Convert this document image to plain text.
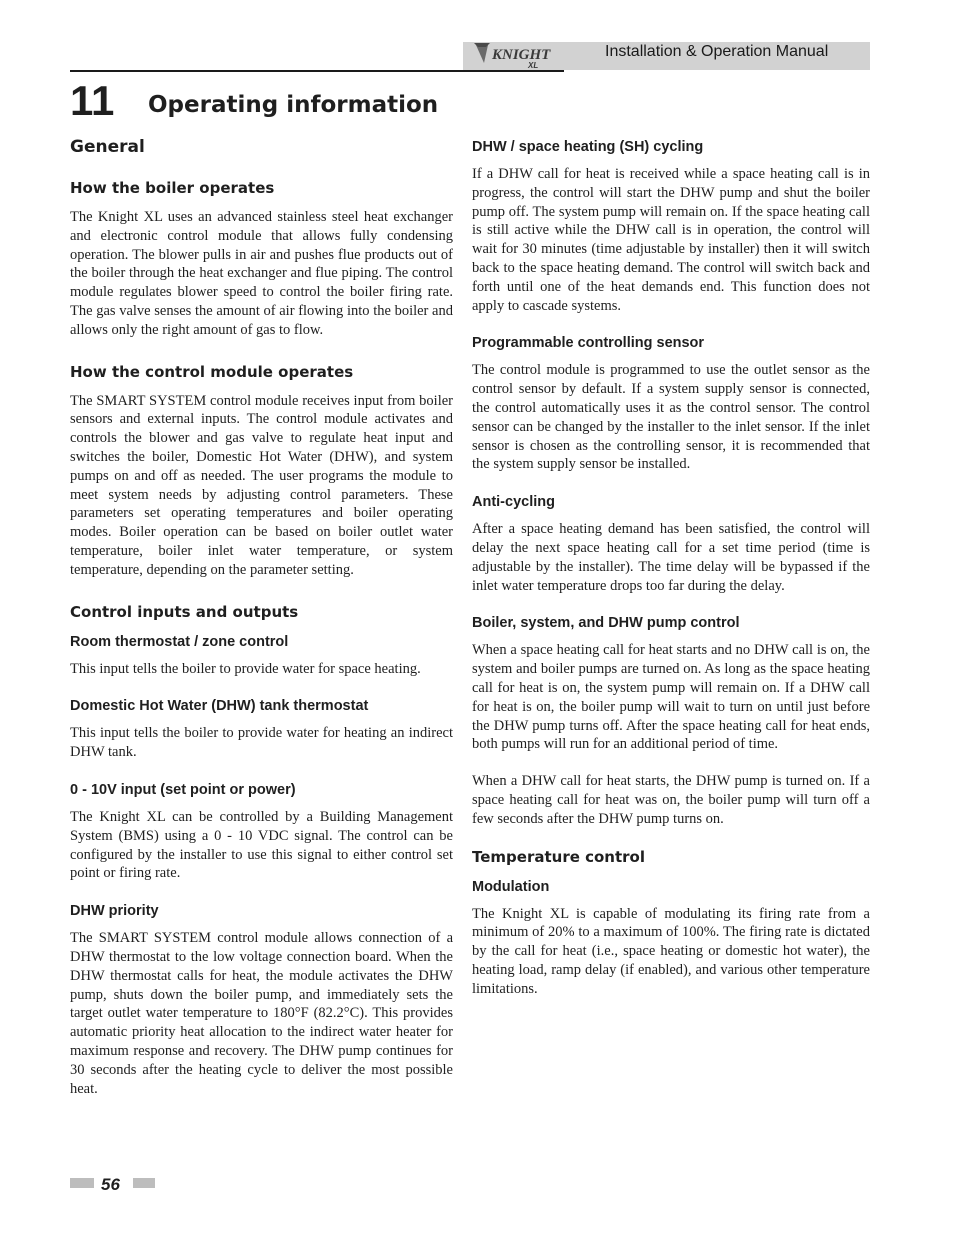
KNIGHT
XL
Installation & Operation Manual
11 Operating information
General
How the boiler operates

The Knight XL uses an advanced stainless steel heat exchanger and electronic control module that allows fully condensing operation. The blower pulls in air and pushes flue products out of the boiler through the heat exchanger and flue piping. The control module regulates blower speed to control the boiler firing rate. The gas valve senses the amount of air flowing into the boiler and allows only the right amount of gas to flow.

How the control module operates

The SMART SYSTEM control module receives input from boiler sensors and external inputs. The control module activates and controls the blower and gas valve to regulate heat input and switches the boiler, Domestic Hot Water (DHW), and system pumps on and off as needed. The user programs the module to meet system needs by adjusting control parameters. These parameters set operating temperatures and boiler operating modes. Boiler operation can be based on boiler outlet water temperature, boiler inlet water temperature, or system temperature, depending on the parameter setting.

Control inputs and outputs
Room thermostat / zone control

This input tells the boiler to provide water for space heating.

Domestic Hot Water (DHW) tank thermostat

This input tells the boiler to provide water for heating an indirect DHW tank.

0 - 10V input (set point or power)

The Knight XL can be controlled by a Building Management System (BMS) using a 0 - 10 VDC signal. The control can be configured by the installer to use this signal to either control set point or firing rate.

DHW priority

The SMART SYSTEM control module allows connection of a DHW thermostat to the low voltage connection board. When the DHW thermostat calls for heat, the module activates the DHW pump, shuts down the boiler pump, and immediately sets the target outlet water temperature to 180°F (82.2°C). This provides automatic priority heat allocation to the indirect water heater for maximum response and recovery. The DHW pump continues for 30 seconds after the heating cycle to deliver the most possible heat.

DHW / space heating (SH) cycling

If a DHW call for heat is received while a space heating call is in progress, the control will start the DHW pump and shut the boiler pump off. The system pump will remain on. If the space heating call is still active while the DHW call is in operation, the control will wait for 30 minutes (time adjustable by installer) then it will switch back to the space heating demand. The control will switch back and forth until one of the heat demands end. This function does not apply to cascade systems.

Programmable controlling sensor

The control module is programmed to use the outlet sensor as the control sensor by default. If a system supply sensor is connected, the control automatically uses it as the control sensor. The control sensor can be changed by the installer to the inlet sensor. If the inlet sensor is chosen as the controlling sensor, it is recommended that the system supply sensor be installed.

Anti-cycling

After a space heating demand has been satisfied, the control will delay the next space heating call for a set time period (time is adjustable by the installer). The time delay will be bypassed if the inlet water temperature drops too far during the delay.

Boiler, system, and DHW pump control

When a space heating call for heat starts and no DHW call is on, the system and boiler pumps are turned on. As long as the space heating call for heat is on, the system pump will remain on. If a DHW call for heat is on, the boiler pump will wait to turn on until just before the DHW pump turns off. After the space heating call for heat ends, both pumps will run for an additional period of time.

When a DHW call for heat starts, the DHW pump is turned on. If a space heating call for heat was on, the boiler pump will turn off a few seconds after the DHW pump turns on.

Temperature control
Modulation

The Knight XL is capable of modulating its firing rate from a minimum of 20% to a maximum of 100%. The firing rate is dictated by the call for heat (i.e., space heating or domestic hot water), the heating load, ramp delay (if enabled), and various other temperature limitations.

56
